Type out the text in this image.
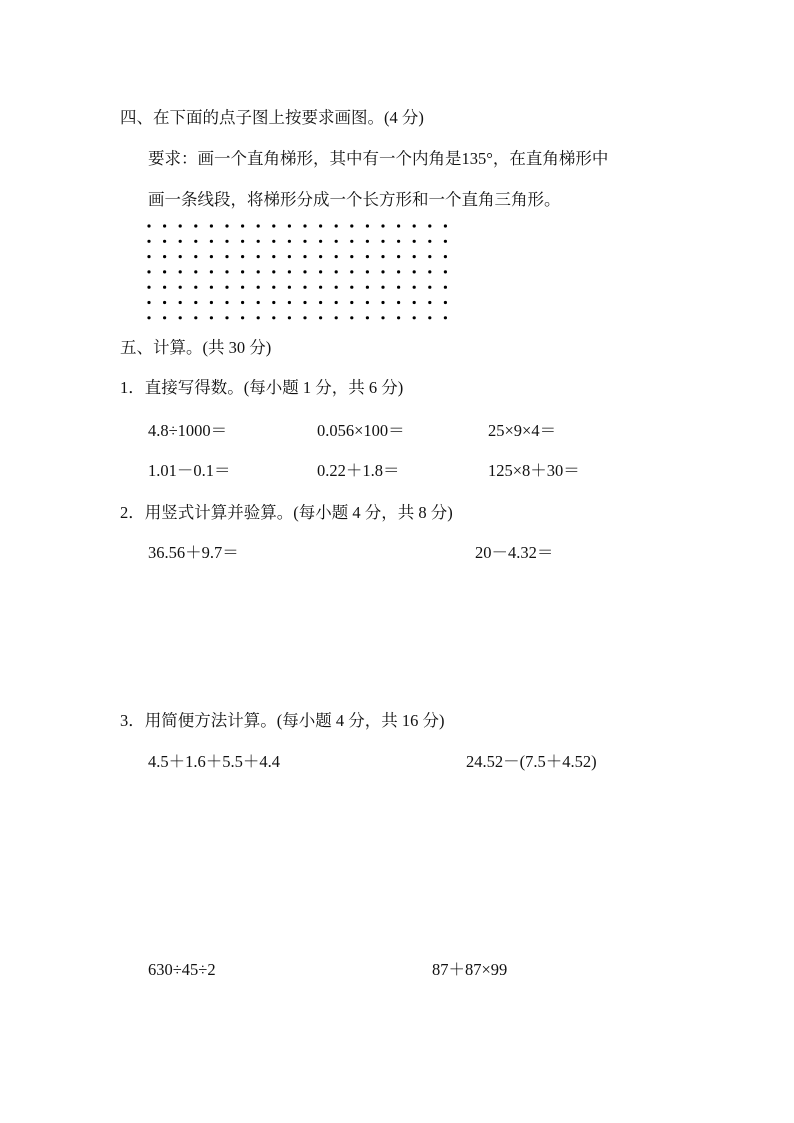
四、在下面的点子图上按要求画图。(4 分)
要求：画一个直角梯形，其中有一个内角是135°，在直角梯形中
画一条线段，将梯形分成一个长方形和一个直角三角形。
五、计算。(共 30 分)
1．直接写得数。(每小题 1 分，共 6 分)
4.8÷1000＝	0.056×100＝	25×9×4＝
1.01－0.1＝	0.22＋1.8＝	125×8＋30＝
2．用竖式计算并验算。(每小题 4 分，共 8 分)
36.56＋9.7＝	20－4.32＝
3．用简便方法计算。(每小题 4 分，共 16 分)
4.5＋1.6＋5.5＋4.4	24.52－(7.5＋4.52)
630÷45÷2	87＋87×99
